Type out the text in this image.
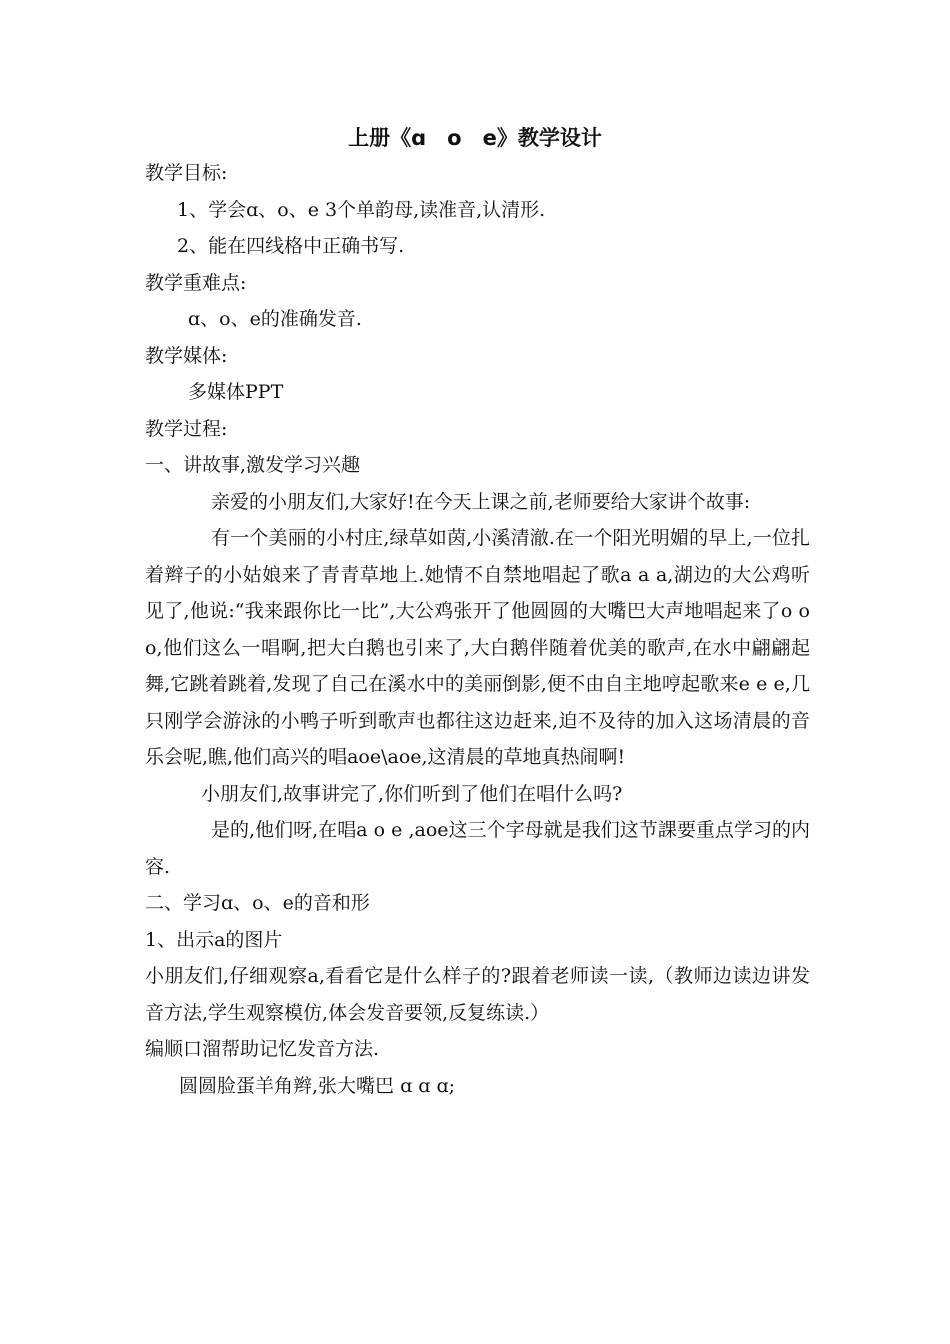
上册《ɑ　o　e》教学设计

教学目标:

1、学会ɑ、o、e 3个单韵母,读准音,认清形.

2、能在四线格中正确书写.

教学重难点:

ɑ、o、e的准确发音.

教学媒体:

多媒体PPT

教学过程:

一、讲故事,激发学习兴趣

亲爱的小朋友们,大家好!在今天上课之前,老师要给大家讲个故事:

有一个美丽的小村庄,绿草如茵,小溪清澈.在一个阳光明媚的早上,一位扎着辫子的小姑娘来了青青草地上.她情不自禁地唱起了歌a a a,湖边的大公鸡听见了,他说:“我来跟你比一比”,大公鸡张开了他圆圆的大嘴巴大声地唱起来了o o o,他们这么一唱啊,把大白鹅也引来了,大白鹅伴随着优美的歌声,在水中翩翩起舞,它跳着跳着,发现了自己在溪水中的美丽倒影,便不由自主地哼起歌来e e e,几只刚学会游泳的小鸭子听到歌声也都往这边赶来,迫不及待的加入这场清晨的音乐会呢,瞧,他们高兴的唱aoe\aoe,这清晨的草地真热闹啊!

小朋友们,故事讲完了,你们听到了他们在唱什么吗?

是的,他们呀,在唱a o e ,aoe这三个字母就是我们这节課要重点学习的内容.

二、学习ɑ、o、e的音和形

1、出示a的图片

小朋友们,仔细观察a,看看它是什么样子的?跟着老师读一读,（教师边读边讲发音方法,学生观察模仿,体会发音要领,反复练读.）

编顺口溜帮助记忆发音方法.

圆圆脸蛋羊角辫,张大嘴巴 ɑ ɑ ɑ;
